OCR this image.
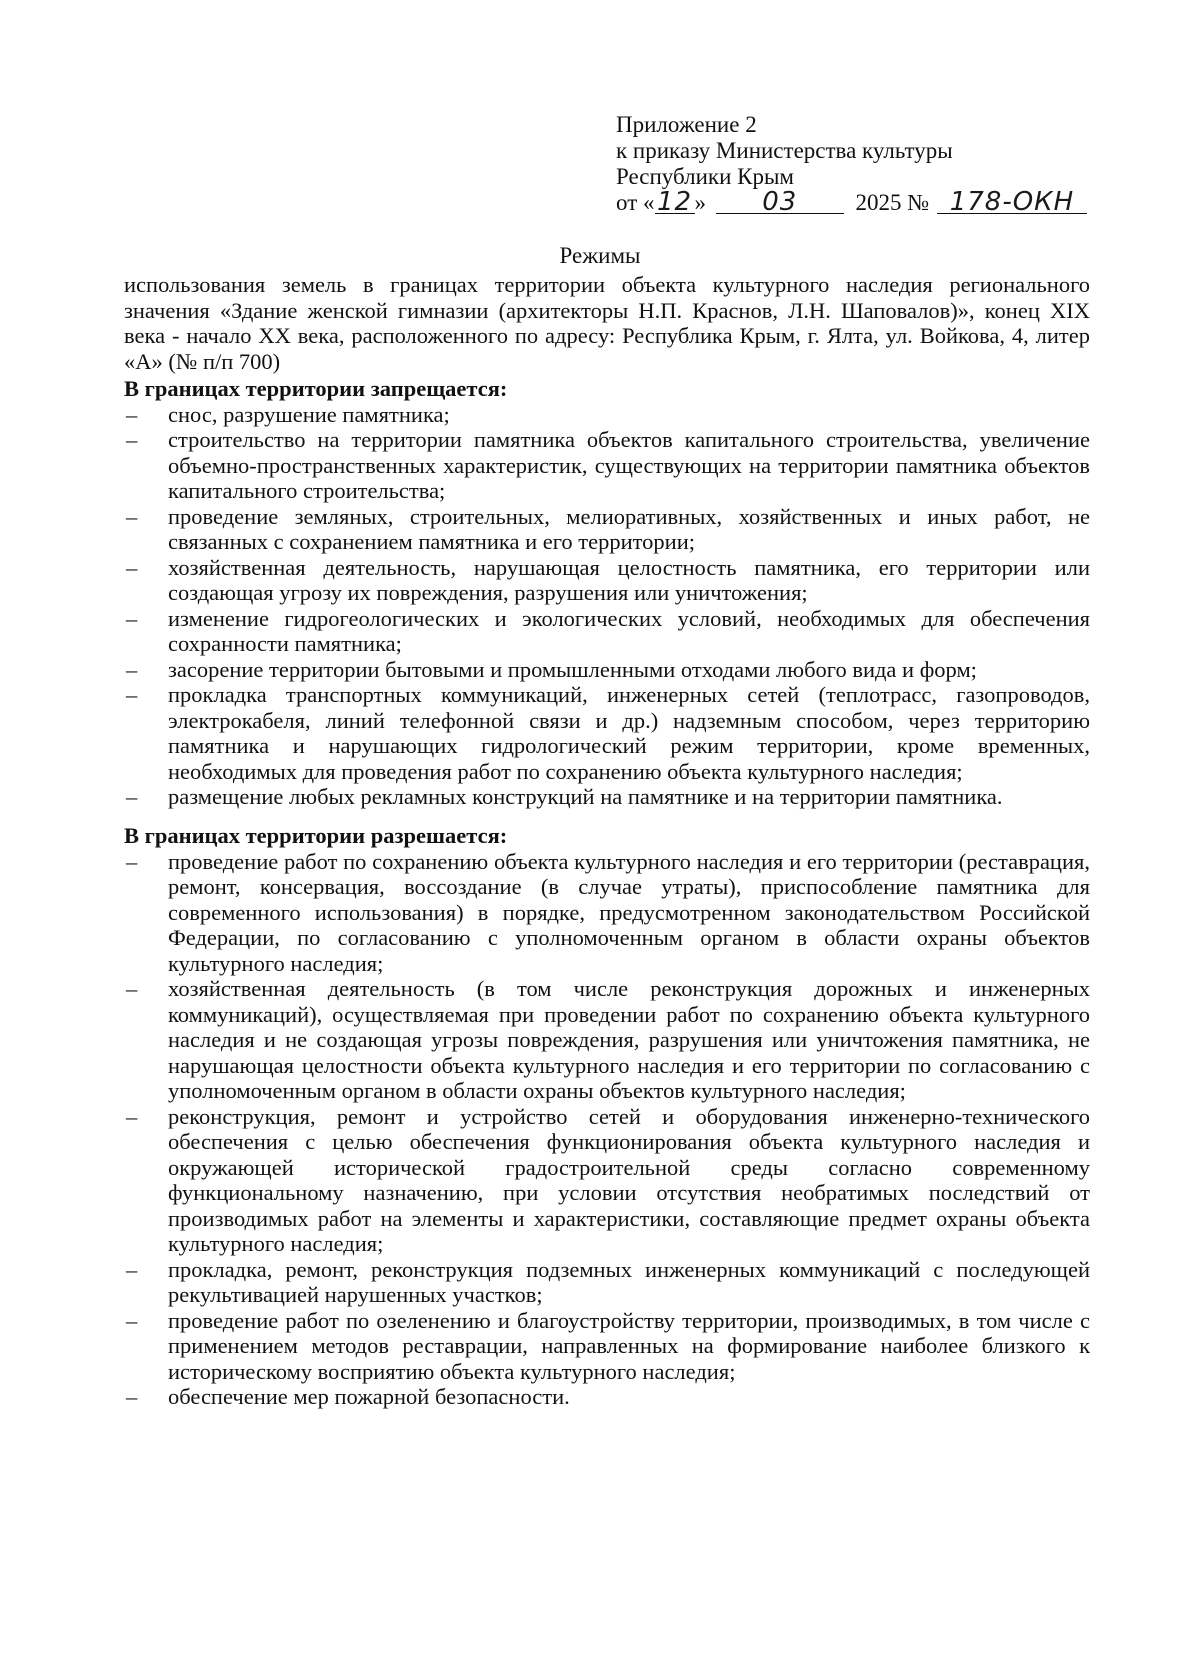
Приложение 2
к приказу Министерства культуры
Республики Крым
от «12 » 03	2025 № 178-ОКН
Режимы
использования земель в границах территории объекта культурного наследия регионального значения «Здание женской гимназии (архитекторы Н.П. Краснов, Л.Н. Шаповалов)», конец XIX века - начало XX века, расположенного по адресу: Республика Крым, г. Ялта, ул. Войкова, 4, литер «А» (№ п/п 700)
В границах территории запрещается:
– снос, разрушение памятника;
– строительство на территории памятника объектов капитального строительства, увеличение объемно-пространственных характеристик, существующих на территории памятника объектов капитального строительства;
– проведение земляных, строительных, мелиоративных, хозяйственных и иных работ, не связанных с сохранением памятника и его территории;
– хозяйственная деятельность, нарушающая целостность памятника, его территории или создающая угрозу их повреждения, разрушения или уничтожения;
– изменение гидрогеологических и экологических условий, необходимых для обеспечения сохранности памятника;
– засорение территории бытовыми и промышленными отходами любого вида и форм;
– прокладка транспортных коммуникаций, инженерных сетей (теплотрасс, газопроводов, электрокабеля, линий телефонной связи и др.) надземным способом, через территорию памятника и нарушающих гидрологический режим территории, кроме временных, необходимых для проведения работ по сохранению объекта культурного наследия;
– размещение любых рекламных конструкций на памятнике и на территории памятника.
В границах территории разрешается:
– проведение работ по сохранению объекта культурного наследия и его территории (реставрация, ремонт, консервация, воссоздание (в случае утраты), приспособление памятника для современного использования) в порядке, предусмотренном законодательством Российской Федерации, по согласованию с уполномоченным органом в области охраны объектов культурного наследия;
– хозяйственная деятельность (в том числе реконструкция дорожных и инженерных коммуникаций), осуществляемая при проведении работ по сохранению объекта культурного наследия и не создающая угрозы повреждения, разрушения или уничтожения памятника, не нарушающая целостности объекта культурного наследия и его территории по согласованию с уполномоченным органом в области охраны объектов культурного наследия;
– реконструкция, ремонт и устройство сетей и оборудования инженерно-технического обеспечения с целью обеспечения функционирования объекта культурного наследия и окружающей исторической градостроительной среды согласно современному функциональному назначению, при условии отсутствия необратимых последствий от производимых работ на элементы и характеристики, составляющие предмет охраны объекта культурного наследия;
– прокладка, ремонт, реконструкция подземных инженерных коммуникаций с последующей рекультивацией нарушенных участков;
– проведение работ по озеленению и благоустройству территории, производимых, в том числе с применением методов реставрации, направленных на формирование наиболее близкого к историческому восприятию объекта культурного наследия;
– обеспечение мер пожарной безопасности.
